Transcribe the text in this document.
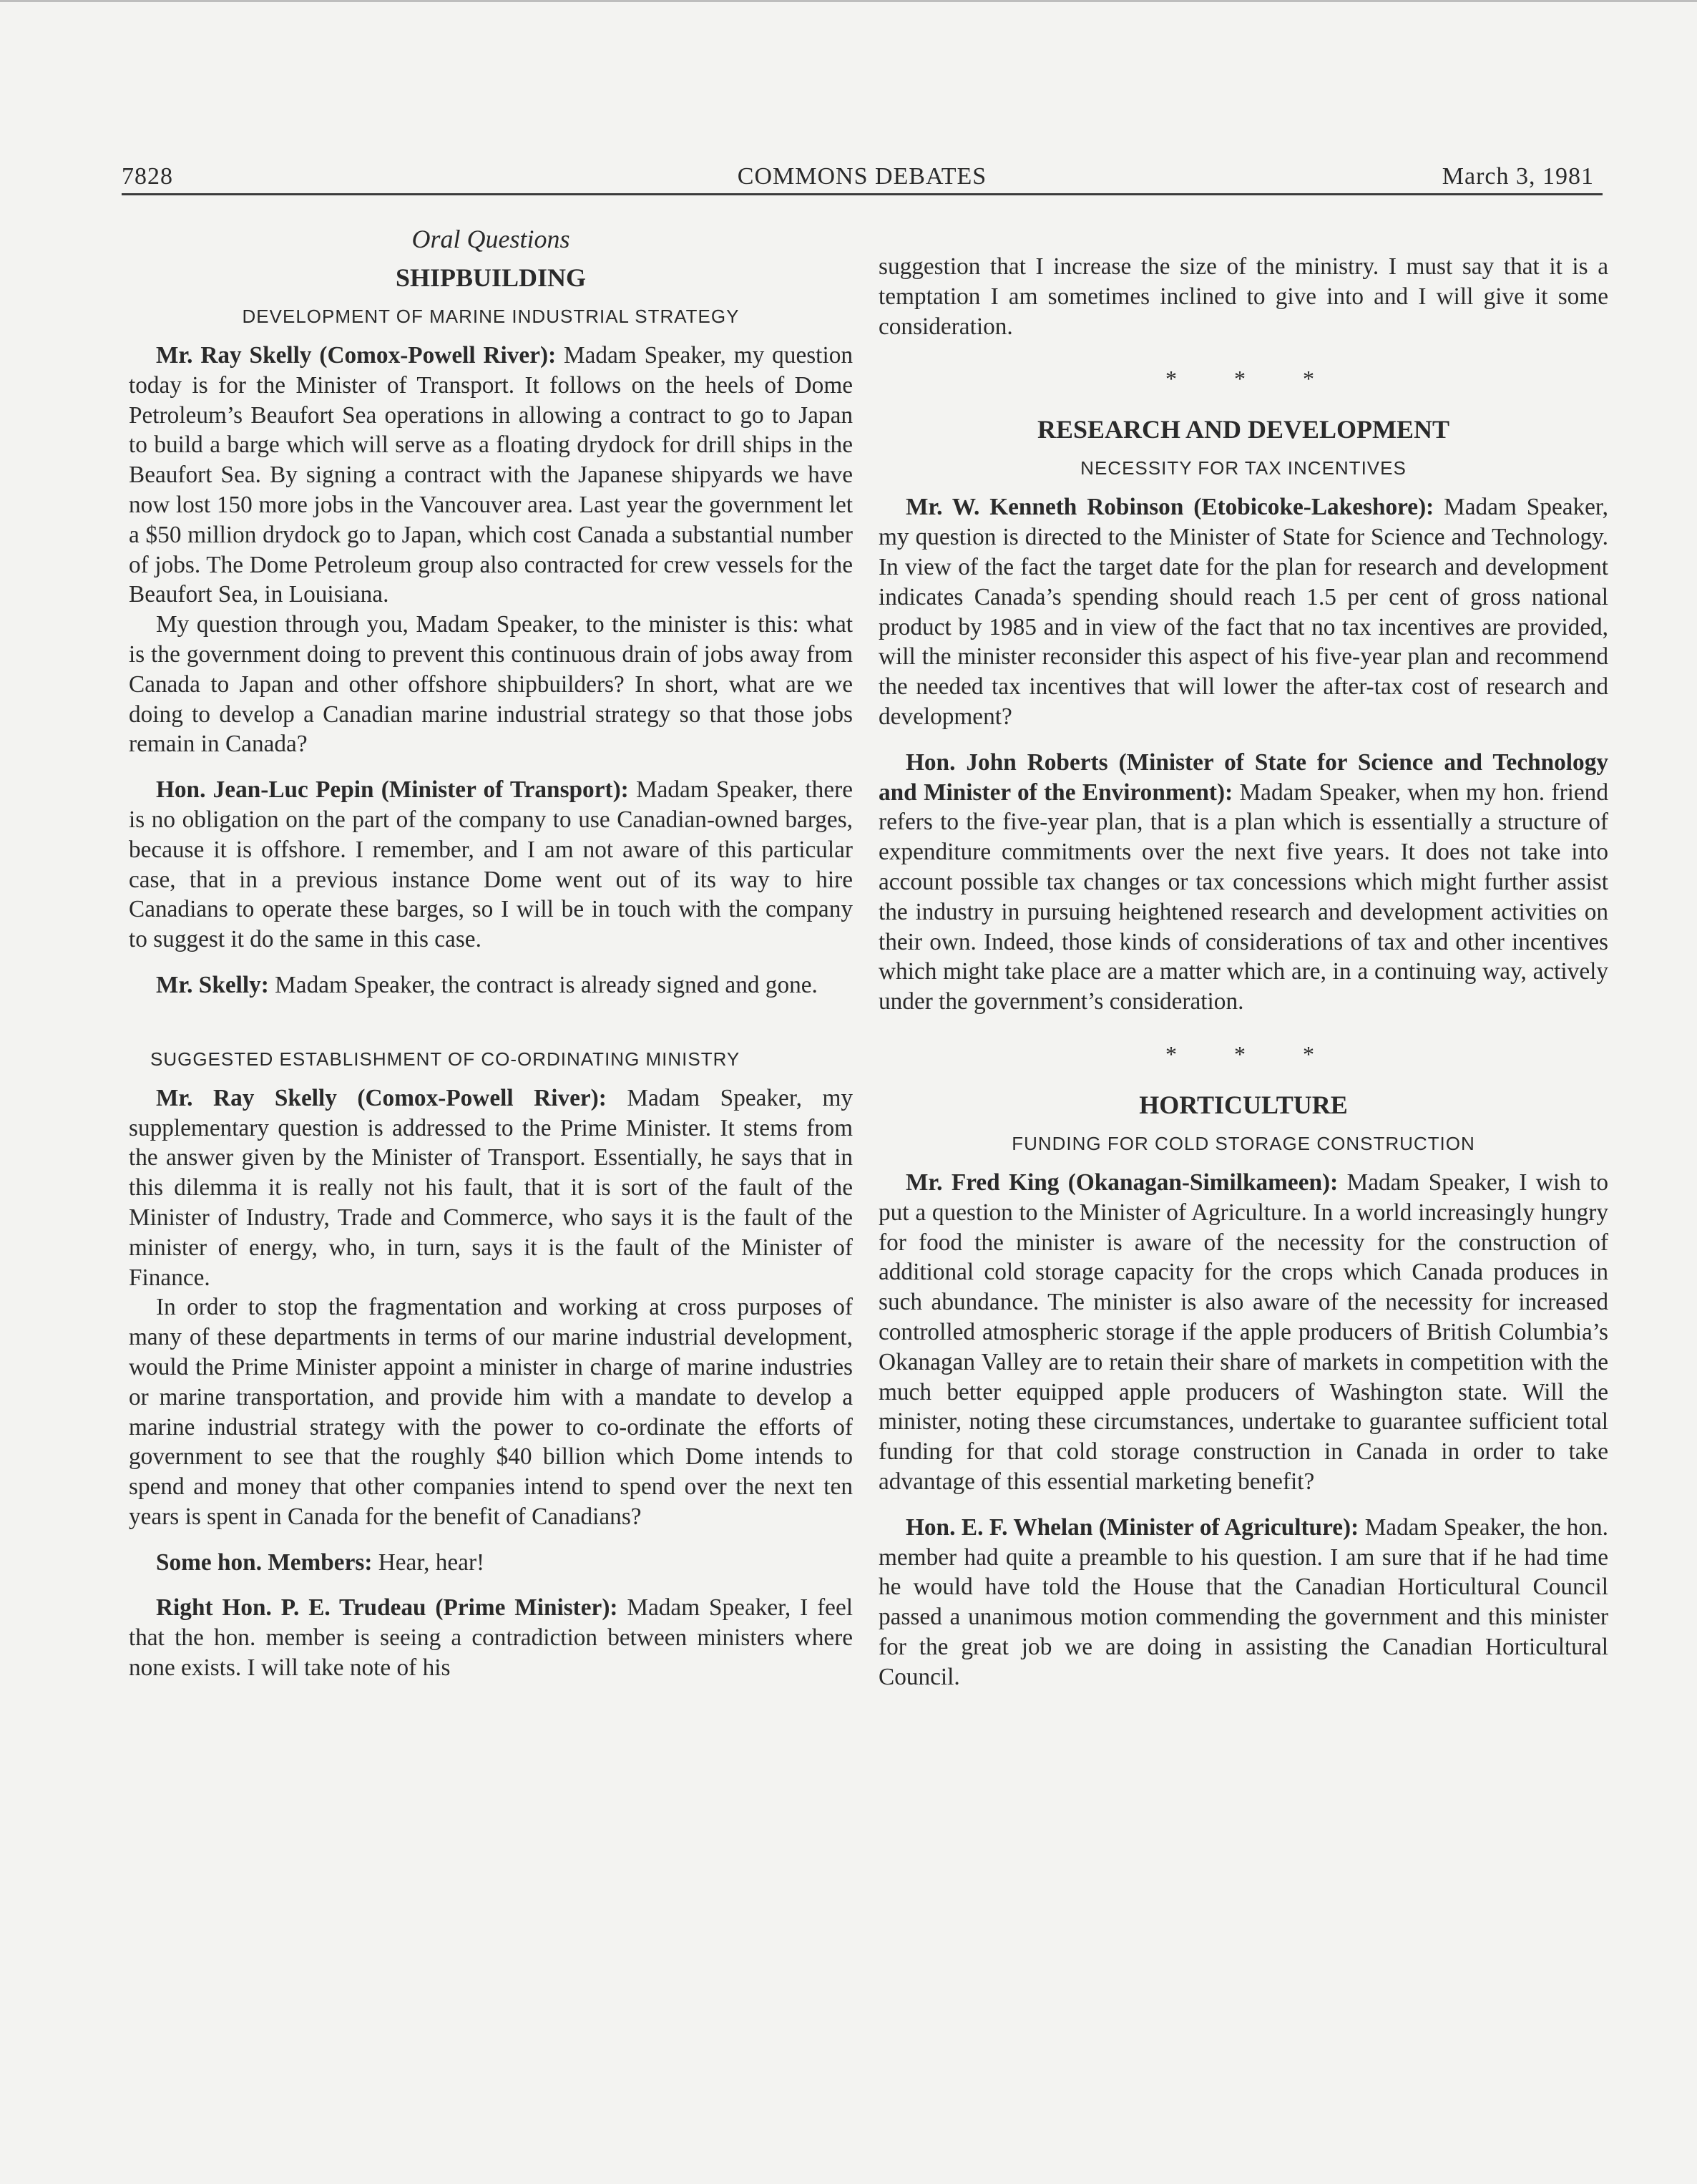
7828	COMMONS DEBATES	March 3, 1981
Oral Questions
SHIPBUILDING
DEVELOPMENT OF MARINE INDUSTRIAL STRATEGY

Mr. Ray Skelly (Comox-Powell River): Madam Speaker, my question today is for the Minister of Transport. It follows on the heels of Dome Petroleum’s Beaufort Sea operations in allowing a contract to go to Japan to build a barge which will serve as a floating drydock for drill ships in the Beaufort Sea. By signing a contract with the Japanese shipyards we have now lost 150 more jobs in the Vancouver area. Last year the government let a $50 million drydock go to Japan, which cost Canada a substantial number of jobs. The Dome Petroleum group also contracted for crew vessels for the Beaufort Sea, in Louisiana.

My question through you, Madam Speaker, to the minister is this: what is the government doing to prevent this continuous drain of jobs away from Canada to Japan and other offshore shipbuilders? In short, what are we doing to develop a Canadian marine industrial strategy so that those jobs remain in Canada?

Hon. Jean-Luc Pepin (Minister of Transport): Madam Speaker, there is no obligation on the part of the company to use Canadian-owned barges, because it is offshore. I remember, and I am not aware of this particular case, that in a previous instance Dome went out of its way to hire Canadians to operate these barges, so I will be in touch with the company to suggest it do the same in this case.

Mr. Skelly: Madam Speaker, the contract is already signed and gone.

SUGGESTED ESTABLISHMENT OF CO-ORDINATING MINISTRY

Mr. Ray Skelly (Comox-Powell River): Madam Speaker, my supplementary question is addressed to the Prime Minister. It stems from the answer given by the Minister of Transport. Essentially, he says that in this dilemma it is really not his fault, that it is sort of the fault of the Minister of Industry, Trade and Commerce, who says it is the fault of the minister of energy, who, in turn, says it is the fault of the Minister of Finance.

In order to stop the fragmentation and working at cross purposes of many of these departments in terms of our marine industrial development, would the Prime Minister appoint a minister in charge of marine industries or marine transportation, and provide him with a mandate to develop a marine industrial strategy with the power to co-ordinate the efforts of government to see that the roughly $40 billion which Dome intends to spend and money that other companies intend to spend over the next ten years is spent in Canada for the benefit of Canadians?

Some hon. Members: Hear, hear!

Right Hon. P. E. Trudeau (Prime Minister): Madam Speaker, I feel that the hon. member is seeing a contradiction between ministers where none exists. I will take note of his

suggestion that I increase the size of the ministry. I must say that it is a temptation I am sometimes inclined to give into and I will give it some consideration.

* * *
RESEARCH AND DEVELOPMENT
NECESSITY FOR TAX INCENTIVES

Mr. W. Kenneth Robinson (Etobicoke-Lakeshore): Madam Speaker, my question is directed to the Minister of State for Science and Technology. In view of the fact the target date for the plan for research and development indicates Canada’s spending should reach 1.5 per cent of gross national product by 1985 and in view of the fact that no tax incentives are provided, will the minister reconsider this aspect of his five-year plan and recommend the needed tax incentives that will lower the after-tax cost of research and development?

Hon. John Roberts (Minister of State for Science and Technology and Minister of the Environment): Madam Speaker, when my hon. friend refers to the five-year plan, that is a plan which is essentially a structure of expenditure commitments over the next five years. It does not take into account possible tax changes or tax concessions which might further assist the industry in pursuing heightened research and development activities on their own. Indeed, those kinds of considerations of tax and other incentives which might take place are a matter which are, in a continuing way, actively under the government’s consideration.

* * *
HORTICULTURE
FUNDING FOR COLD STORAGE CONSTRUCTION

Mr. Fred King (Okanagan-Similkameen): Madam Speaker, I wish to put a question to the Minister of Agriculture. In a world increasingly hungry for food the minister is aware of the necessity for the construction of additional cold storage capacity for the crops which Canada produces in such abundance. The minister is also aware of the necessity for increased controlled atmospheric storage if the apple producers of British Columbia’s Okanagan Valley are to retain their share of markets in competition with the much better equipped apple producers of Washington state. Will the minister, noting these circumstances, undertake to guarantee sufficient total funding for that cold storage construction in Canada in order to take advantage of this essential marketing benefit?

Hon. E. F. Whelan (Minister of Agriculture): Madam Speaker, the hon. member had quite a preamble to his question. I am sure that if he had time he would have told the House that the Canadian Horticultural Council passed a unanimous motion commending the government and this minister for the great job we are doing in assisting the Canadian Horticultural Council.
